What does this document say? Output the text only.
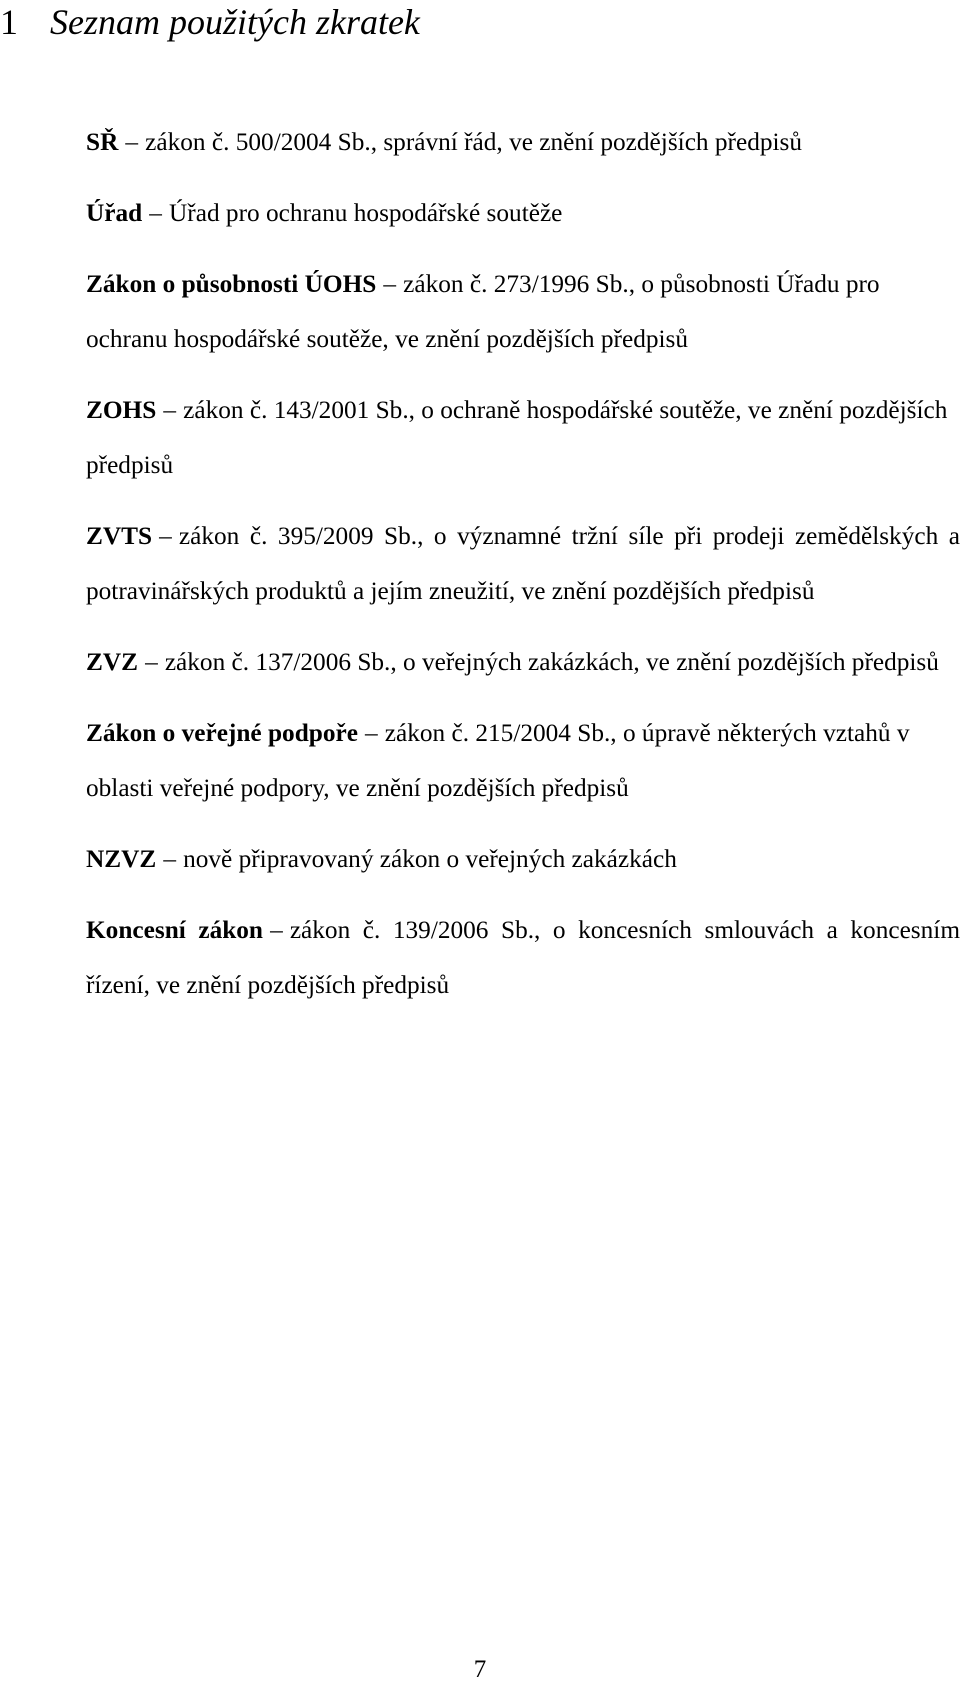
1 Seznam použitých zkratek

SŘ – zákon č. 500/2004 Sb., správní řád, ve znění pozdějších předpisů

Úřad – Úřad pro ochranu hospodářské soutěže

Zákon o působnosti ÚOHS – zákon č. 273/1996 Sb., o působnosti Úřadu pro ochranu hospodářské soutěže, ve znění pozdějších předpisů

ZOHS – zákon č. 143/2001 Sb., o ochraně hospodářské soutěže, ve znění pozdějších předpisů

ZVTS – zákon č. 395/2009 Sb., o významné tržní síle při prodeji zemědělských a potravinářských produktů a jejím zneužití, ve znění pozdějších předpisů

ZVZ – zákon č. 137/2006 Sb., o veřejných zakázkách, ve znění pozdějších předpisů

Zákon o veřejné podpoře – zákon č. 215/2004 Sb., o úpravě některých vztahů v oblasti veřejné podpory, ve znění pozdějších předpisů

NZVZ – nově připravovaný zákon o veřejných zakázkách

Koncesní zákon – zákon č. 139/2006 Sb., o koncesních smlouvách a koncesním řízení, ve znění pozdějších předpisů

7
